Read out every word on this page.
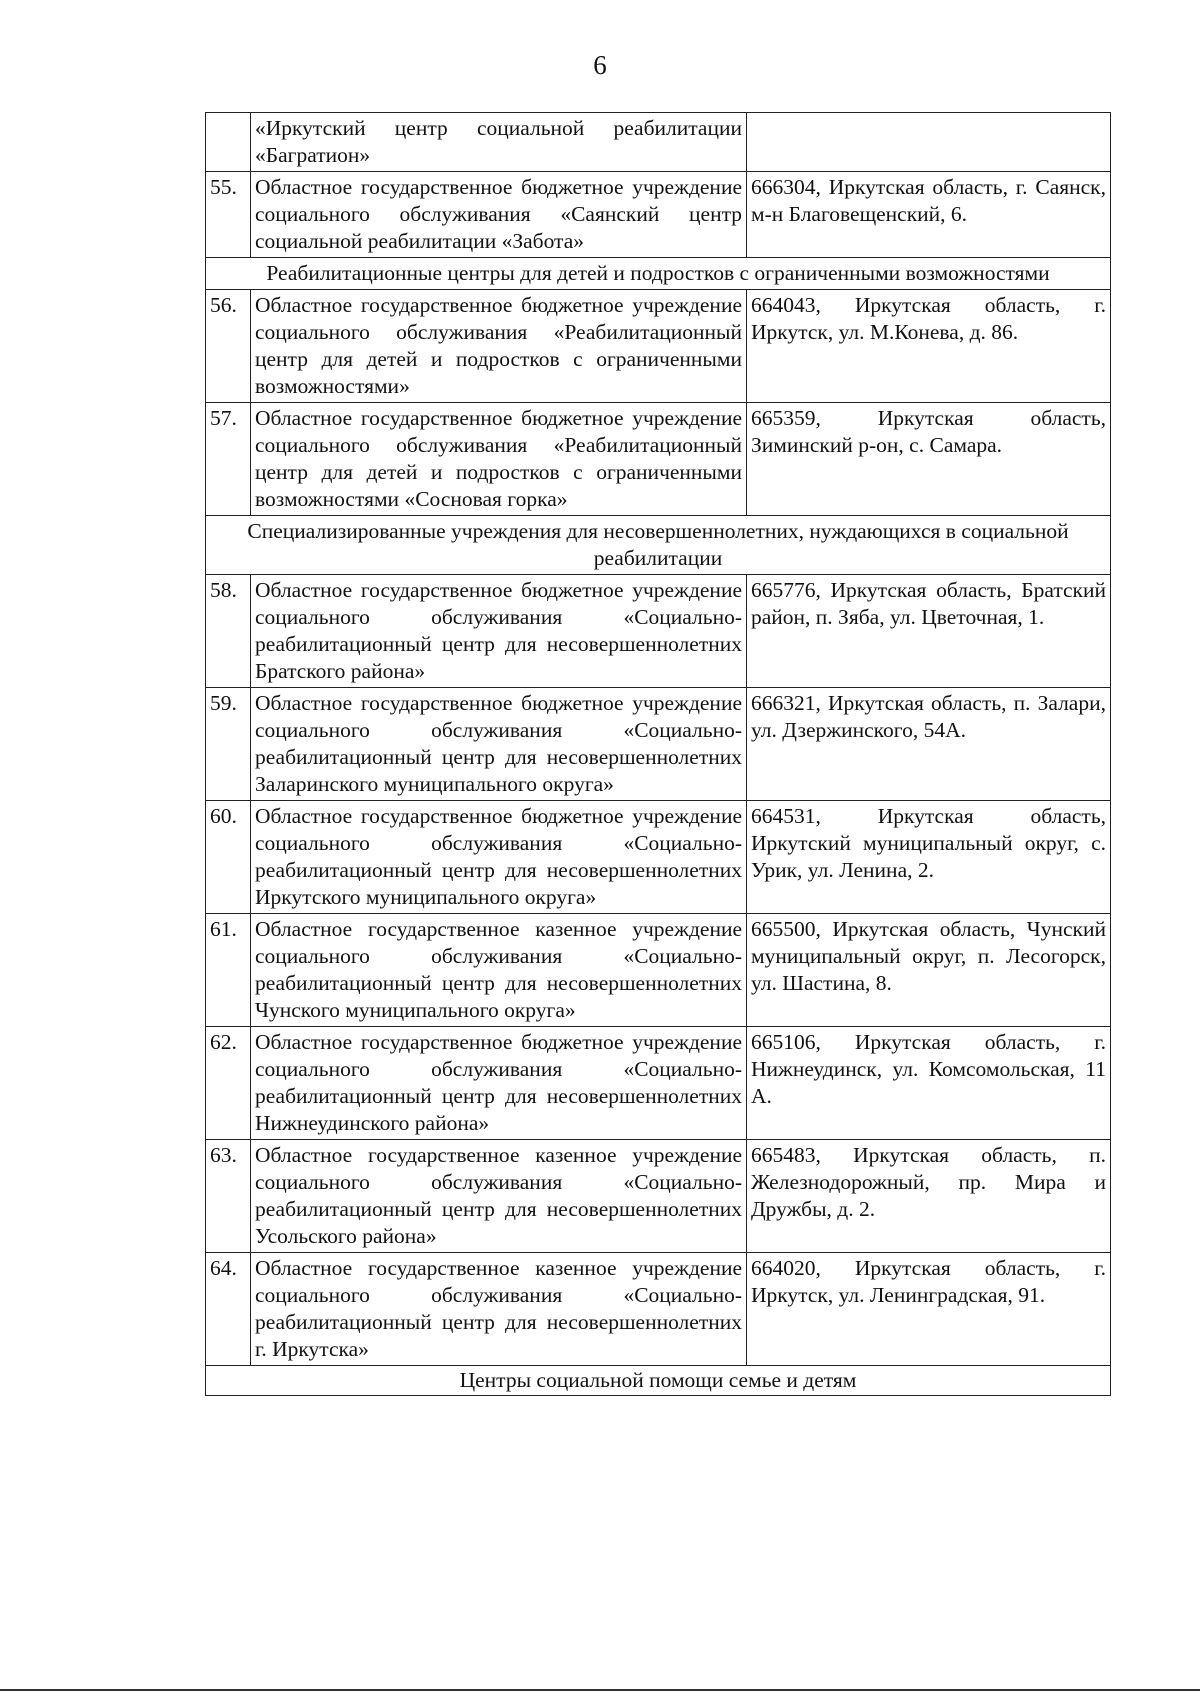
6
	«Иркутский центр социальной реабилитации «Багратион»	
55.	Областное государственное бюджетное учреждение социального обслуживания «Саянский центр социальной реабилитации «Забота»	666304, Иркутская область, г. Саянск, м-н Благовещенский, 6.
Реабилитационные центры для детей и подростков с ограниченными возможностями		
56.	Областное государственное бюджетное учреждение социального обслуживания «Реабилитационный центр для детей и подростков с ограниченными возможностями»	664043, Иркутская область, г. Иркутск, ул. М.Конева, д. 86.
57.	Областное государственное бюджетное учреждение социального обслуживания «Реабилитационный центр для детей и подростков с ограниченными возможностями «Сосновая горка»	665359, Иркутская область, Зиминский р-он, с. Самара.
Специализированные учреждения для несовершеннолетних, нуждающихся в социальной реабилитации		
58.	Областное государственное бюджетное учреждение социального обслуживания «Социально-реабилитационный центр для несовершеннолетних Братского района»	665776, Иркутская область, Братский район, п. Зяба, ул. Цветочная, 1.
59.	Областное государственное бюджетное учреждение социального обслуживания «Социально-реабилитационный центр для несовершеннолетних Заларинского муниципального округа»	666321, Иркутская область, п. Залари, ул. Дзержинского, 54А.
60.	Областное государственное бюджетное учреждение социального обслуживания «Социально-реабилитационный центр для несовершеннолетних Иркутского муниципального округа»	664531, Иркутская область, Иркутский муниципальный округ, с. Урик, ул. Ленина, 2.
61.	Областное государственное казенное учреждение социального обслуживания «Социально-реабилитационный центр для несовершеннолетних Чунского муниципального округа»	665500, Иркутская область, Чунский муниципальный округ, п. Лесогорск, ул. Шастина, 8.
62.	Областное государственное бюджетное учреждение социального обслуживания «Социально-реабилитационный центр для несовершеннолетних Нижнеудинского района»	665106, Иркутская область, г. Нижнеудинск, ул. Комсомольская, 11 А.
63.	Областное государственное казенное учреждение социального обслуживания «Социально-реабилитационный центр для несовершеннолетних Усольского района»	665483, Иркутская область, п. Железнодорожный, пр. Мира и Дружбы, д. 2.
64.	Областное государственное казенное учреждение социального обслуживания «Социально-реабилитационный центр для несовершеннолетних г. Иркутска»	664020, Иркутская область, г. Иркутск, ул. Ленинградская, 91.
Центры социальной помощи семье и детям		
